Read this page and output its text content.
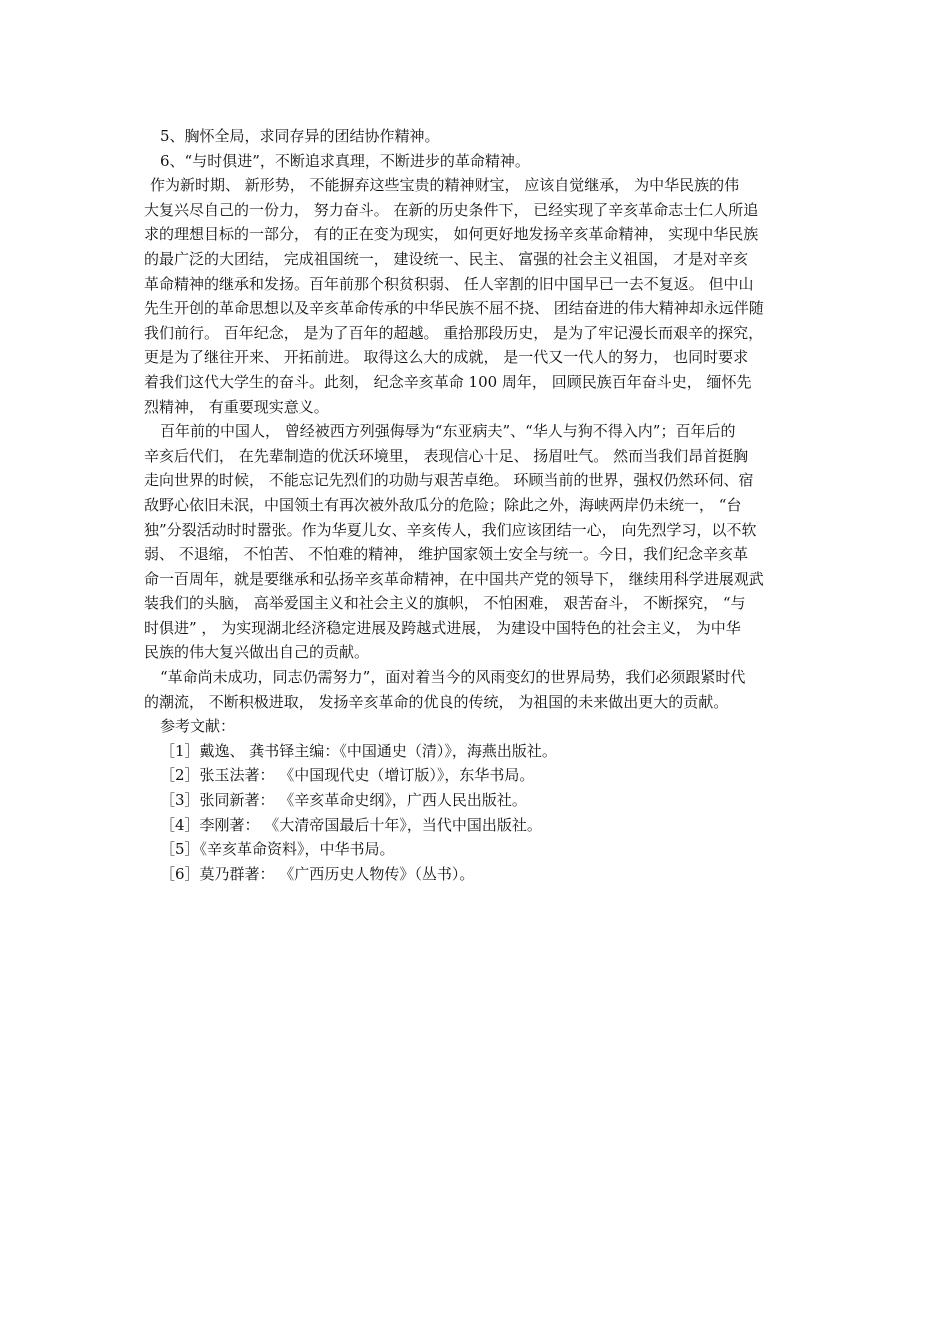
5、胸怀全局，求同存异的团结协作精神。
6、“与时俱进”，不断追求真理，不断进步的革命精神。
作为新时期、 新形势， 不能摒弃这些宝贵的精神财宝， 应该自觉继承， 为中华民族的伟
大复兴尽自己的一份力， 努力奋斗。 在新的历史条件下， 已经实现了辛亥革命志士仁人所追
求的理想目标的一部分， 有的正在变为现实， 如何更好地发扬辛亥革命精神， 实现中华民族
的最广泛的大团结， 完成祖国统一， 建设统一、民主、 富强的社会主义祖国， 才是对辛亥
革命精神的继承和发扬。百年前那个积贫积弱、 任人宰割的旧中国早已一去不复返。 但中山
先生开创的革命思想以及辛亥革命传承的中华民族不屈不挠、 团结奋进的伟大精神却永远伴随
我们前行。 百年纪念， 是为了百年的超越。 重拾那段历史， 是为了牢记漫长而艰辛的探究，
更是为了继往开来、 开拓前进。 取得这么大的成就， 是一代又一代人的努力， 也同时要求
着我们这代大学生的奋斗。此刻， 纪念辛亥革命 100 周年， 回顾民族百年奋斗史， 缅怀先
烈精神， 有重要现实意义。
百年前的中国人， 曾经被西方列强侮辱为“东亚病夫”、“华人与狗不得入内”；百年后的
辛亥后代们， 在先辈制造的优沃环境里， 表现信心十足、 扬眉吐气。 然而当我们昂首挺胸
走向世界的时候， 不能忘记先烈们的功勋与艰苦卓绝。 环顾当前的世界，强权仍然环伺、宿
敌野心依旧未泯，中国领土有再次被外敌瓜分的危险；除此之外，海峡两岸仍未统一， “台
独”分裂活动时时嚣张。作为华夏儿女、辛亥传人，我们应该团结一心， 向先烈学习，以不软
弱、 不退缩， 不怕苦、 不怕难的精神， 维护国家领土安全与统一。今日，我们纪念辛亥革
命一百周年，就是要继承和弘扬辛亥革命精神，在中国共产党的领导下， 继续用科学进展观武
装我们的头脑， 高举爱国主义和社会主义的旗帜， 不怕困难， 艰苦奋斗， 不断探究， “与
时俱进” ， 为实现湖北经济稳定进展及跨越式进展， 为建设中国特色的社会主义， 为中华
民族的伟大复兴做出自己的贡献。
“革命尚未成功，同志仍需努力”，面对着当今的风雨变幻的世界局势，我们必须跟紧时代
的潮流， 不断积极进取， 发扬辛亥革命的优良的传统， 为祖国的未来做出更大的贡献。
参考文献：
［1］戴逸、 龚书铎主编：《中国通史（清）》，海燕出版社。
［2］张玉法著： 《中国现代史（增订版）》，东华书局。
［3］张同新著： 《辛亥革命史纲》，广西人民出版社。
［4］李刚著： 《大清帝国最后十年》，当代中国出版社。
［5］《辛亥革命资料》，中华书局。
［6］莫乃群著： 《广西历史人物传》（丛书）。
